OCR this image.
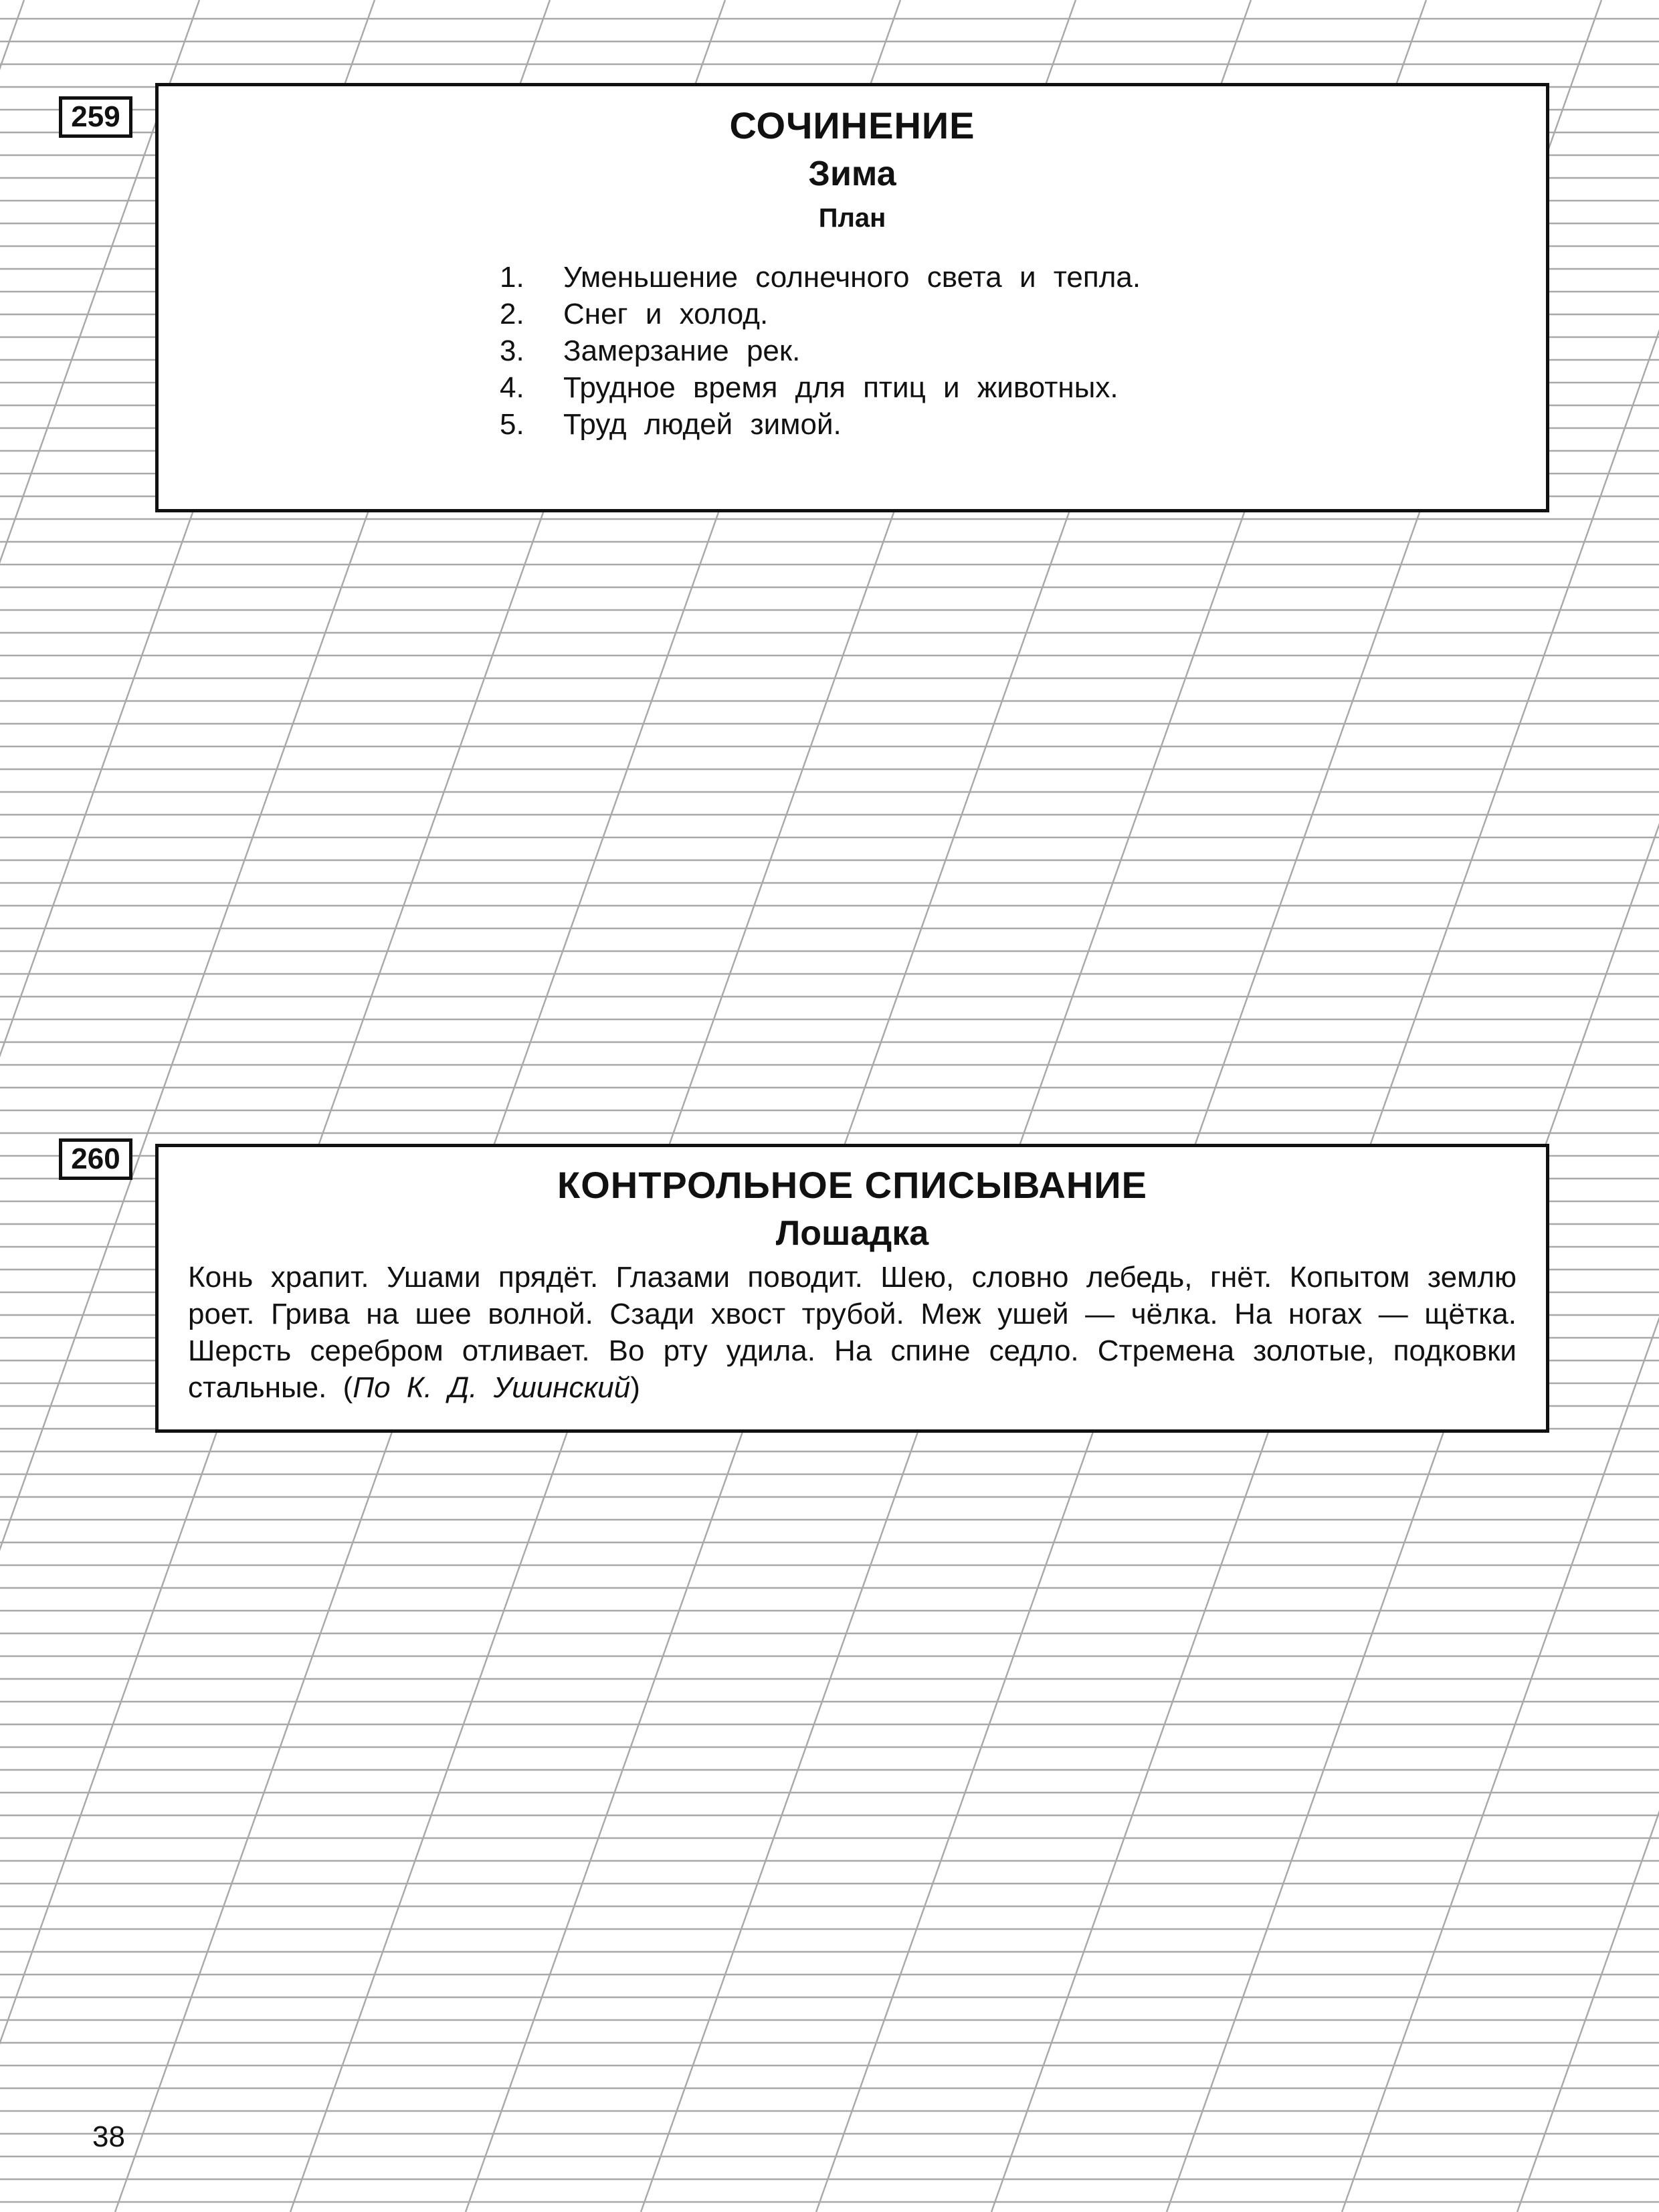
259	СОЧИНЕНИЕ
Зима
План
1. Уменьшение солнечного света и тепла.
2. Снег и холод.
3. Замерзание рек.
4. Трудное время для птиц и животных.
5. Труд людей зимой.
260
КОНТРОЛЬНОЕ СПИСЫВАНИЕ
Лошадка

Конь храпит. Ушами прядёт. Глазами поводит. Шею, словно лебедь, гнёт. Копытом землю роет. Грива на шее волной. Сзади хвост трубой. Меж ушей — чёлка. На ногах — щётка. Шерсть серебром отливает. Во рту удила. На спине седло. Стремена золотые, подковки стальные. (По К. Д. Ушинский)

38
